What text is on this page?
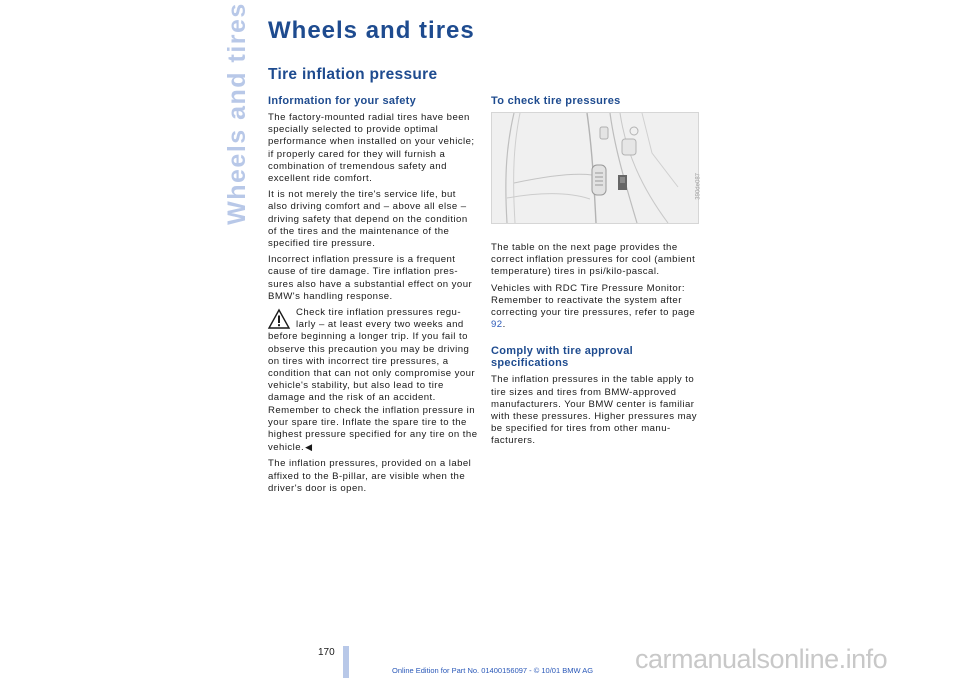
Wheels and tires Wheels and tires
Tire inflation pressure
Information for your safety

The factory-mounted radial tires have been specially selected to provide optimal performance when installed on your vehicle; if properly cared for they will furnish a combination of tremendous safety and excellent ride comfort.

It is not merely the tire's service life, but also driving comfort and – above all else – driving safety that depend on the condition of the tires and the maintenance of the specified tire pressure.

Incorrect inflation pressure is a frequent cause of tire damage. Tire inflation pres-sures also have a substantial effect on your BMW's handling response.

Check tire inflation pressures regu-larly – at least every two weeks and before beginning a longer trip. If you fail to observe this precaution you may be driving on tires with incorrect tire pressures, a condition that can not only compromise your vehicle's stability, but also lead to tire damage and the risk of an accident. Remember to check the inflation pressure in your spare tire. Inflate the spare tire to the highest pressure specified for any tire on the vehicle.◀

The inflation pressures, provided on a label affixed to the B-pillar, are visible when the driver's door is open.

To check tire pressures
390de087

The table on the next page provides the correct inflation pressures for cool (ambient temperature) tires in psi/kilo-pascal.

Vehicles with RDC Tire Pressure Monitor: Remember to reactivate the system after correcting your tire pressures, refer to page 92.

Comply with tire approval specifications

The inflation pressures in the table apply to tire sizes and tires from BMW-approved manufacturers. Your BMW center is familiar with these pressures. Higher pressures may be specified for tires from other manu-facturers.

170
Online Edition for Part No. 01400156097 - © 10/01 BMW AG carmanualsonline.info
